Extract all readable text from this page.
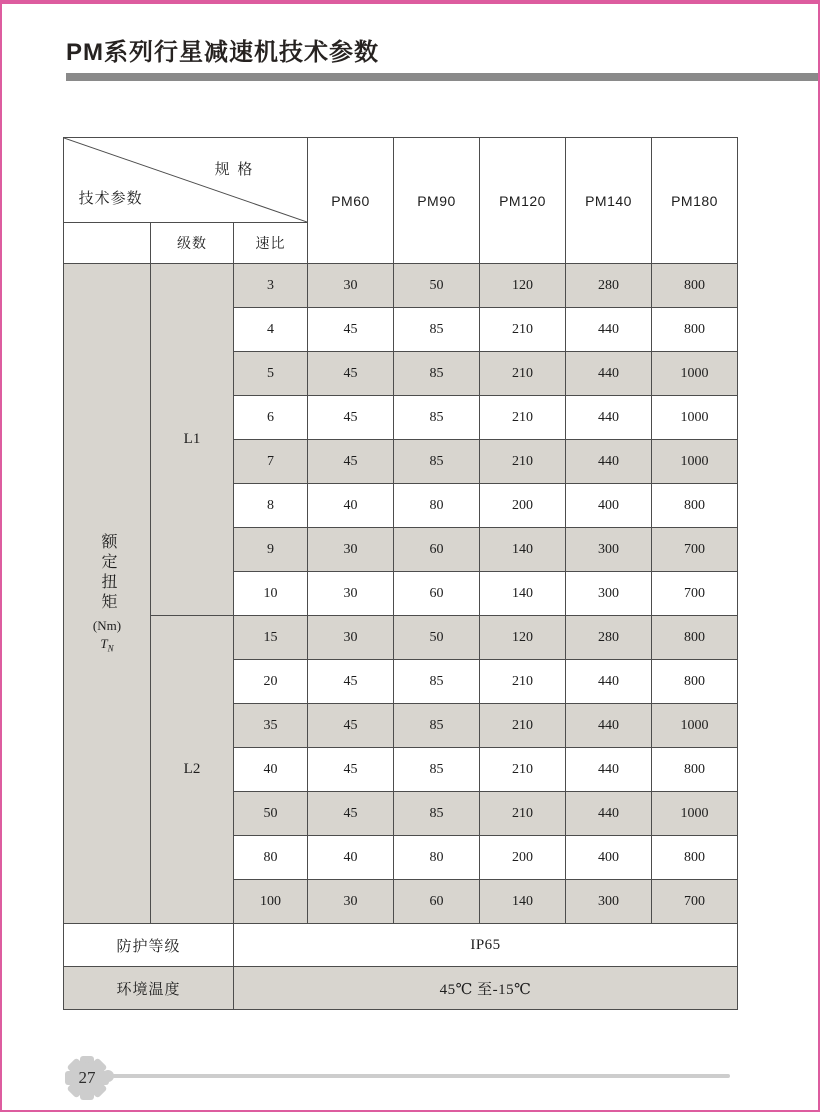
PM系列行星减速机技术参数
规 格
技术参数			PM60	PM90	PM120	PM140	PM180
	级数	速比					

额定扭矩
(Nm)
$T_N$	L1	3	30	50	120	280	800
		4	45	85	210	440	800
		5	45	85	210	440	1000
		6	45	85	210	440	1000
		7	45	85	210	440	1000
		8	40	80	200	400	800
		9	30	60	140	300	700
		10	30	60	140	300	700
	L2	15	30	50	120	280	800
		20	45	85	210	440	800
		35	45	85	210	440	1000
		40	45	85	210	440	800
		50	45	85	210	440	1000
		80	40	80	200	400	800
		100	30	60	140	300	700
防护等级		IP65					
环境温度		45℃ 至-15℃					
27
